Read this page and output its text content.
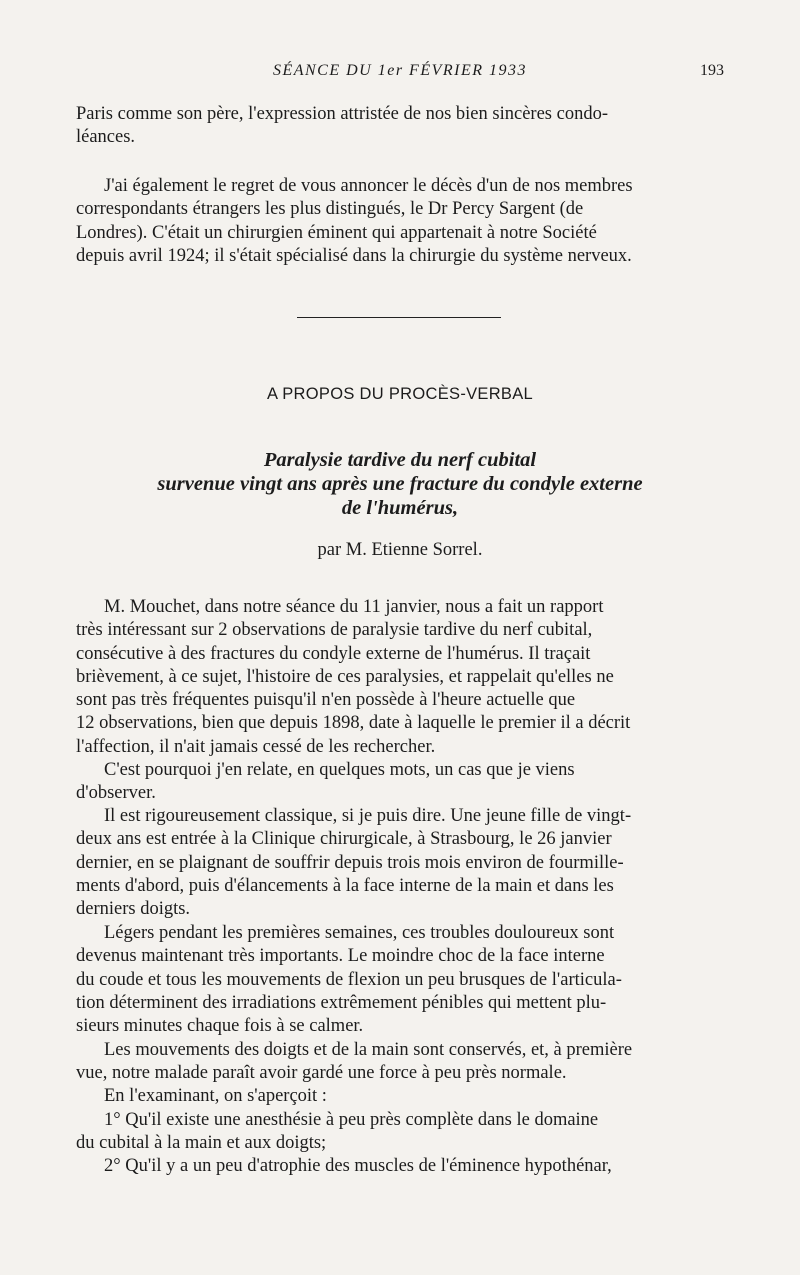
SÉANCE DU 1er FÉVRIER 1933	193

Paris comme son père, l'expression attristée de nos bien sincères condo-

léances.

J'ai également le regret de vous annoncer le décès d'un de nos membres

correspondants étrangers les plus distingués, le Dr Percy Sargent (de

Londres). C'était un chirurgien éminent qui appartenait à notre Société

depuis avril 1924; il s'était spécialisé dans la chirurgie du système nerveux.

A PROPOS DU PROCÈS-VERBAL

Paralysie tardive du nerf cubital

survenue vingt ans après une fracture du condyle externe

de l'humérus,

par M. Etienne Sorrel.

M. Mouchet, dans notre séance du 11 janvier, nous a fait un rapport

très intéressant sur 2 observations de paralysie tardive du nerf cubital,

consécutive à des fractures du condyle externe de l'humérus. Il traçait

brièvement, à ce sujet, l'histoire de ces paralysies, et rappelait qu'elles ne

sont pas très fréquentes puisqu'il n'en possède à l'heure actuelle que

12 observations, bien que depuis 1898, date à laquelle le premier il a décrit

l'affection, il n'ait jamais cessé de les rechercher.

C'est pourquoi j'en relate, en quelques mots, un cas que je viens

d'observer.

Il est rigoureusement classique, si je puis dire. Une jeune fille de vingt-

deux ans est entrée à la Clinique chirurgicale, à Strasbourg, le 26 janvier

dernier, en se plaignant de souffrir depuis trois mois environ de fourmille-

ments d'abord, puis d'élancements à la face interne de la main et dans les

derniers doigts.

Légers pendant les premières semaines, ces troubles douloureux sont

devenus maintenant très importants. Le moindre choc de la face interne

du coude et tous les mouvements de flexion un peu brusques de l'articula-

tion déterminent des irradiations extrêmement pénibles qui mettent plu-

sieurs minutes chaque fois à se calmer.

Les mouvements des doigts et de la main sont conservés, et, à première

vue, notre malade paraît avoir gardé une force à peu près normale.

En l'examinant, on s'aperçoit :

1° Qu'il existe une anesthésie à peu près complète dans le domaine

du cubital à la main et aux doigts;

2° Qu'il y a un peu d'atrophie des muscles de l'éminence hypothénar,
